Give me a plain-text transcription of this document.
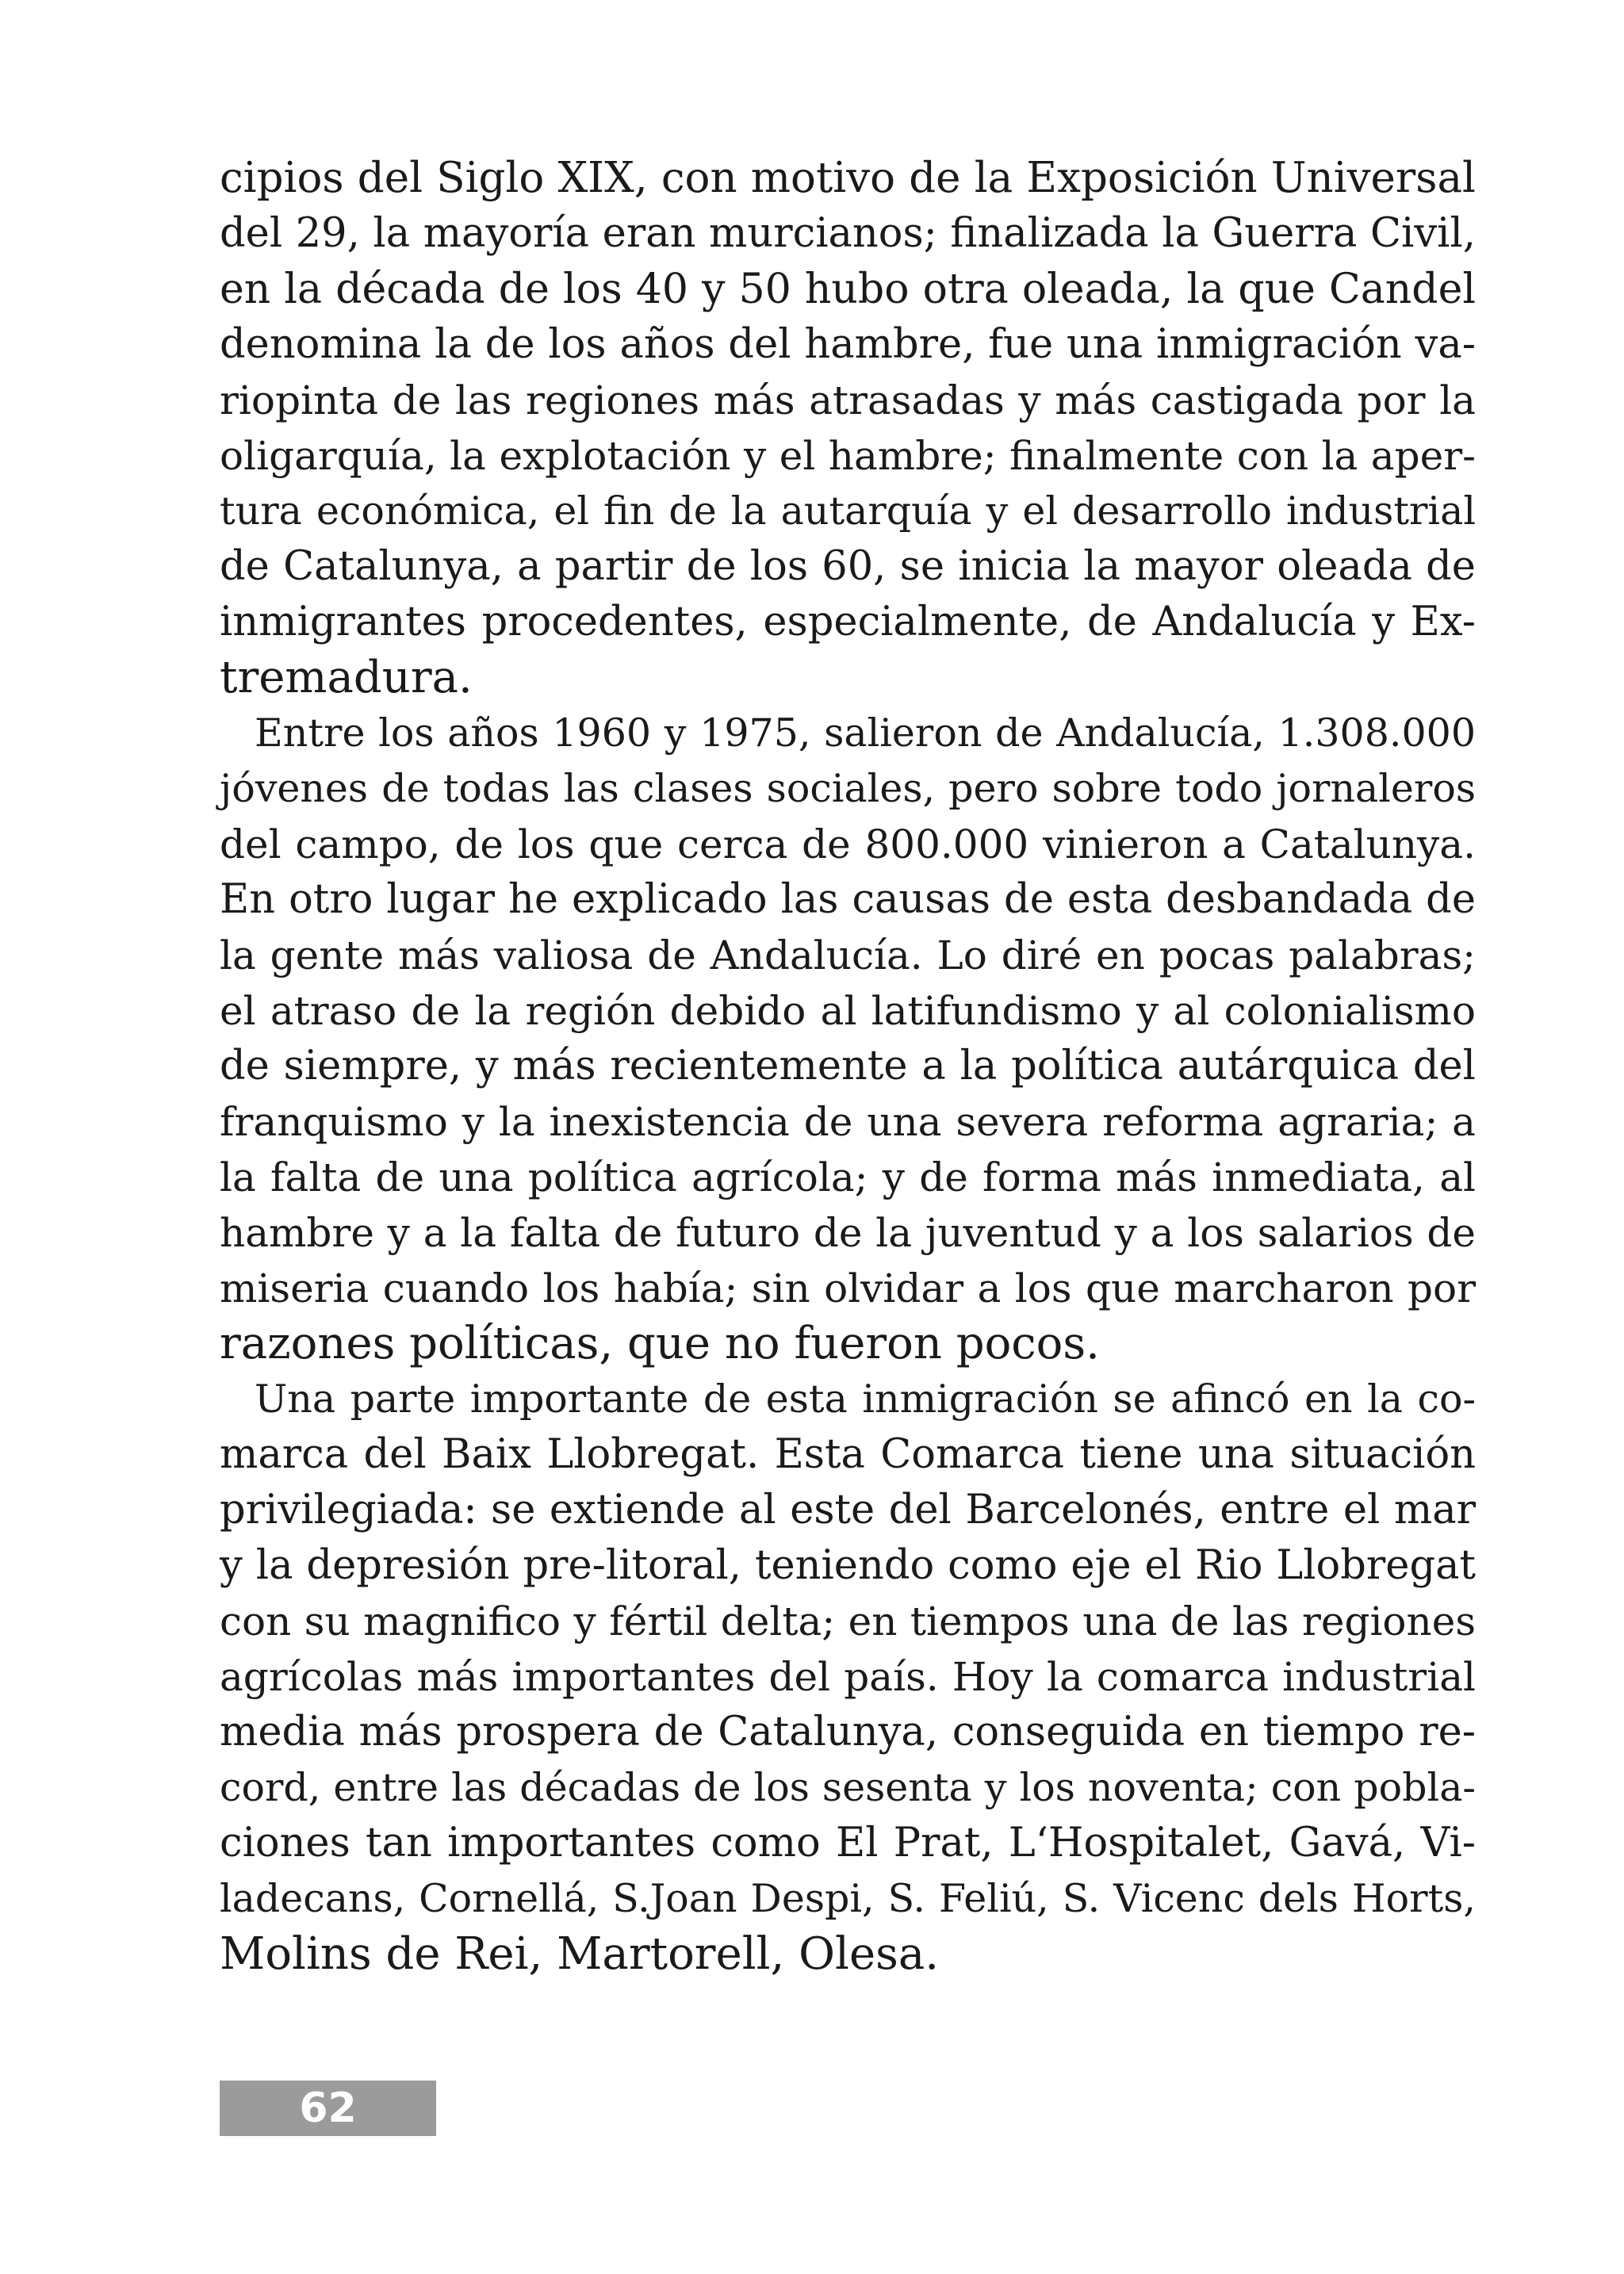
cipios del Siglo XIX, con motivo de la Exposición Universal
del 29, la mayoría eran murcianos; finalizada la Guerra Civil,
en la década de los 40 y 50 hubo otra oleada, la que Candel
denomina la de los años del hambre, fue una inmigración va-
riopinta de las regiones más atrasadas y más castigada por la
oligarquía, la explotación y el hambre; finalmente con la aper-
tura económica, el fin de la autarquía y el desarrollo industrial
de Catalunya, a partir de los 60, se inicia la mayor oleada de
inmigrantes procedentes, especialmente, de Andalucía y Ex-
tremadura.
Entre los años 1960 y 1975, salieron de Andalucía, 1.308.000
jóvenes de todas las clases sociales, pero sobre todo jornaleros
del campo, de los que cerca de 800.000 vinieron a Catalunya.
En otro lugar he explicado las causas de esta desbandada de
la gente más valiosa de Andalucía. Lo diré en pocas palabras;
el atraso de la región debido al latifundismo y al colonialismo
de siempre, y más recientemente a la política autárquica del
franquismo y la inexistencia de una severa reforma agraria; a
la falta de una política agrícola; y de forma más inmediata, al
hambre y a la falta de futuro de la juventud y a los salarios de
miseria cuando los había; sin olvidar a los que marcharon por
razones políticas, que no fueron pocos.
Una parte importante de esta inmigración se afincó en la co-
marca del Baix Llobregat. Esta Comarca tiene una situación
privilegiada: se extiende al este del Barcelonés, entre el mar
y la depresión pre-litoral, teniendo como eje el Rio Llobregat
con su magnifico y fértil delta; en tiempos una de las regiones
agrícolas más importantes del país. Hoy la comarca industrial
media más prospera de Catalunya, conseguida en tiempo re-
cord, entre las décadas de los sesenta y los noventa; con pobla-
ciones tan importantes como El Prat, L‘Hospitalet, Gavá, Vi-
ladecans, Cornellá, S.Joan Despi, S. Feliú, S. Vicenc dels Horts,
Molins de Rei, Martorell, Olesa.
62
